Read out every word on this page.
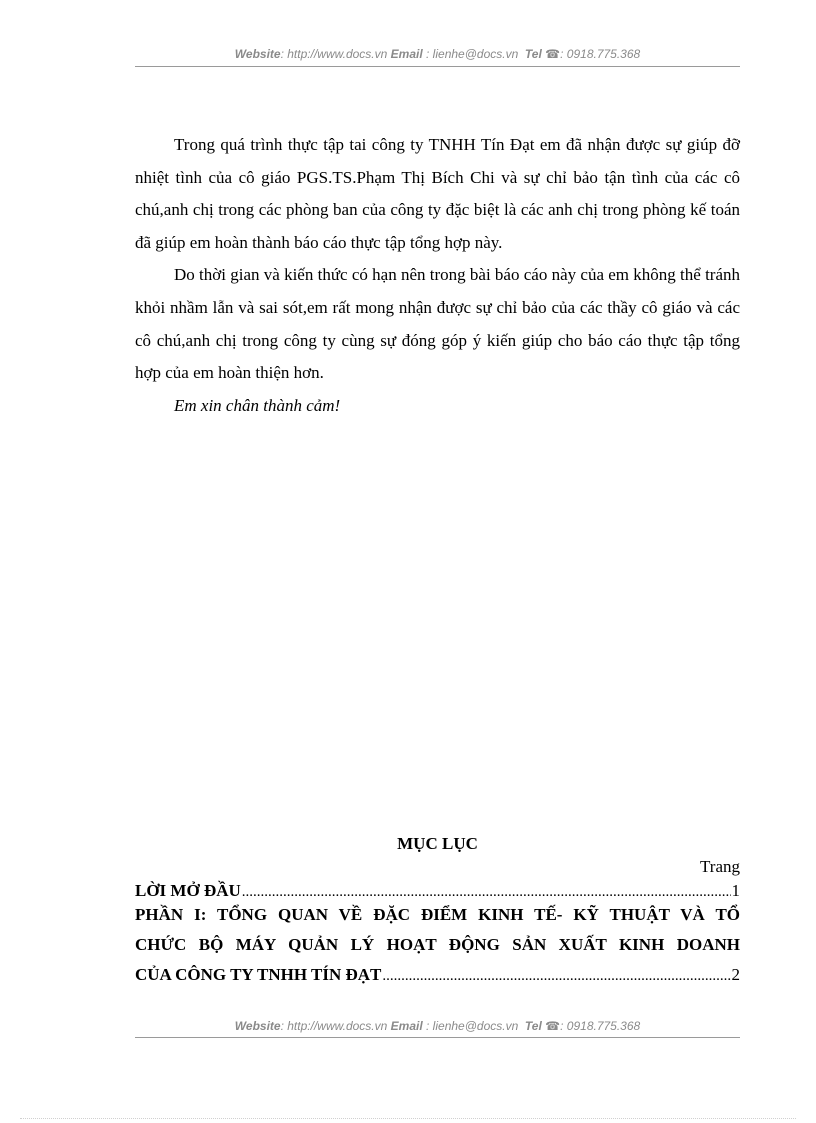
Website: http://www.docs.vn Email : lienhe@docs.vn Tel ☎: 0918.775.368

Trong quá trình thực tập tai công ty TNHH Tín Đạt em đã nhận được sự giúp đỡ nhiệt tình của cô giáo PGS.TS.Phạm Thị Bích Chi và sự chỉ bảo tận tình của các cô chú,anh chị trong các phòng ban của công ty đặc biệt là các anh chị trong phòng kế toán đã giúp em hoàn thành báo cáo thực tập tổng hợp này.

Do thời gian và kiến thức có hạn nên trong bài báo cáo này của em không thể tránh khỏi nhầm lẫn và sai sót,em rất mong nhận được sự chỉ bảo của các thầy cô giáo và các cô chú,anh chị trong công ty cùng sự đóng góp ý kiến giúp cho báo cáo thực tập tổng hợp của em hoàn thiện hơn.

Em xin chân thành cảm!

MỤC LỤC
Trang
LỜI MỞ ĐẦU .....	1
PHẦN I: TỔNG QUAN VỀ ĐẶC ĐIỂM KINH TẾ- KỸ THUẬT VÀ TỔ
CHỨC BỘ MÁY QUẢN LÝ HOẠT ĐỘNG SẢN XUẤT KINH DOANH
CỦA CÔNG TY TNHH TÍN ĐẠT .....	2
Website: http://www.docs.vn Email : lienhe@docs.vn Tel ☎: 0918.775.368
